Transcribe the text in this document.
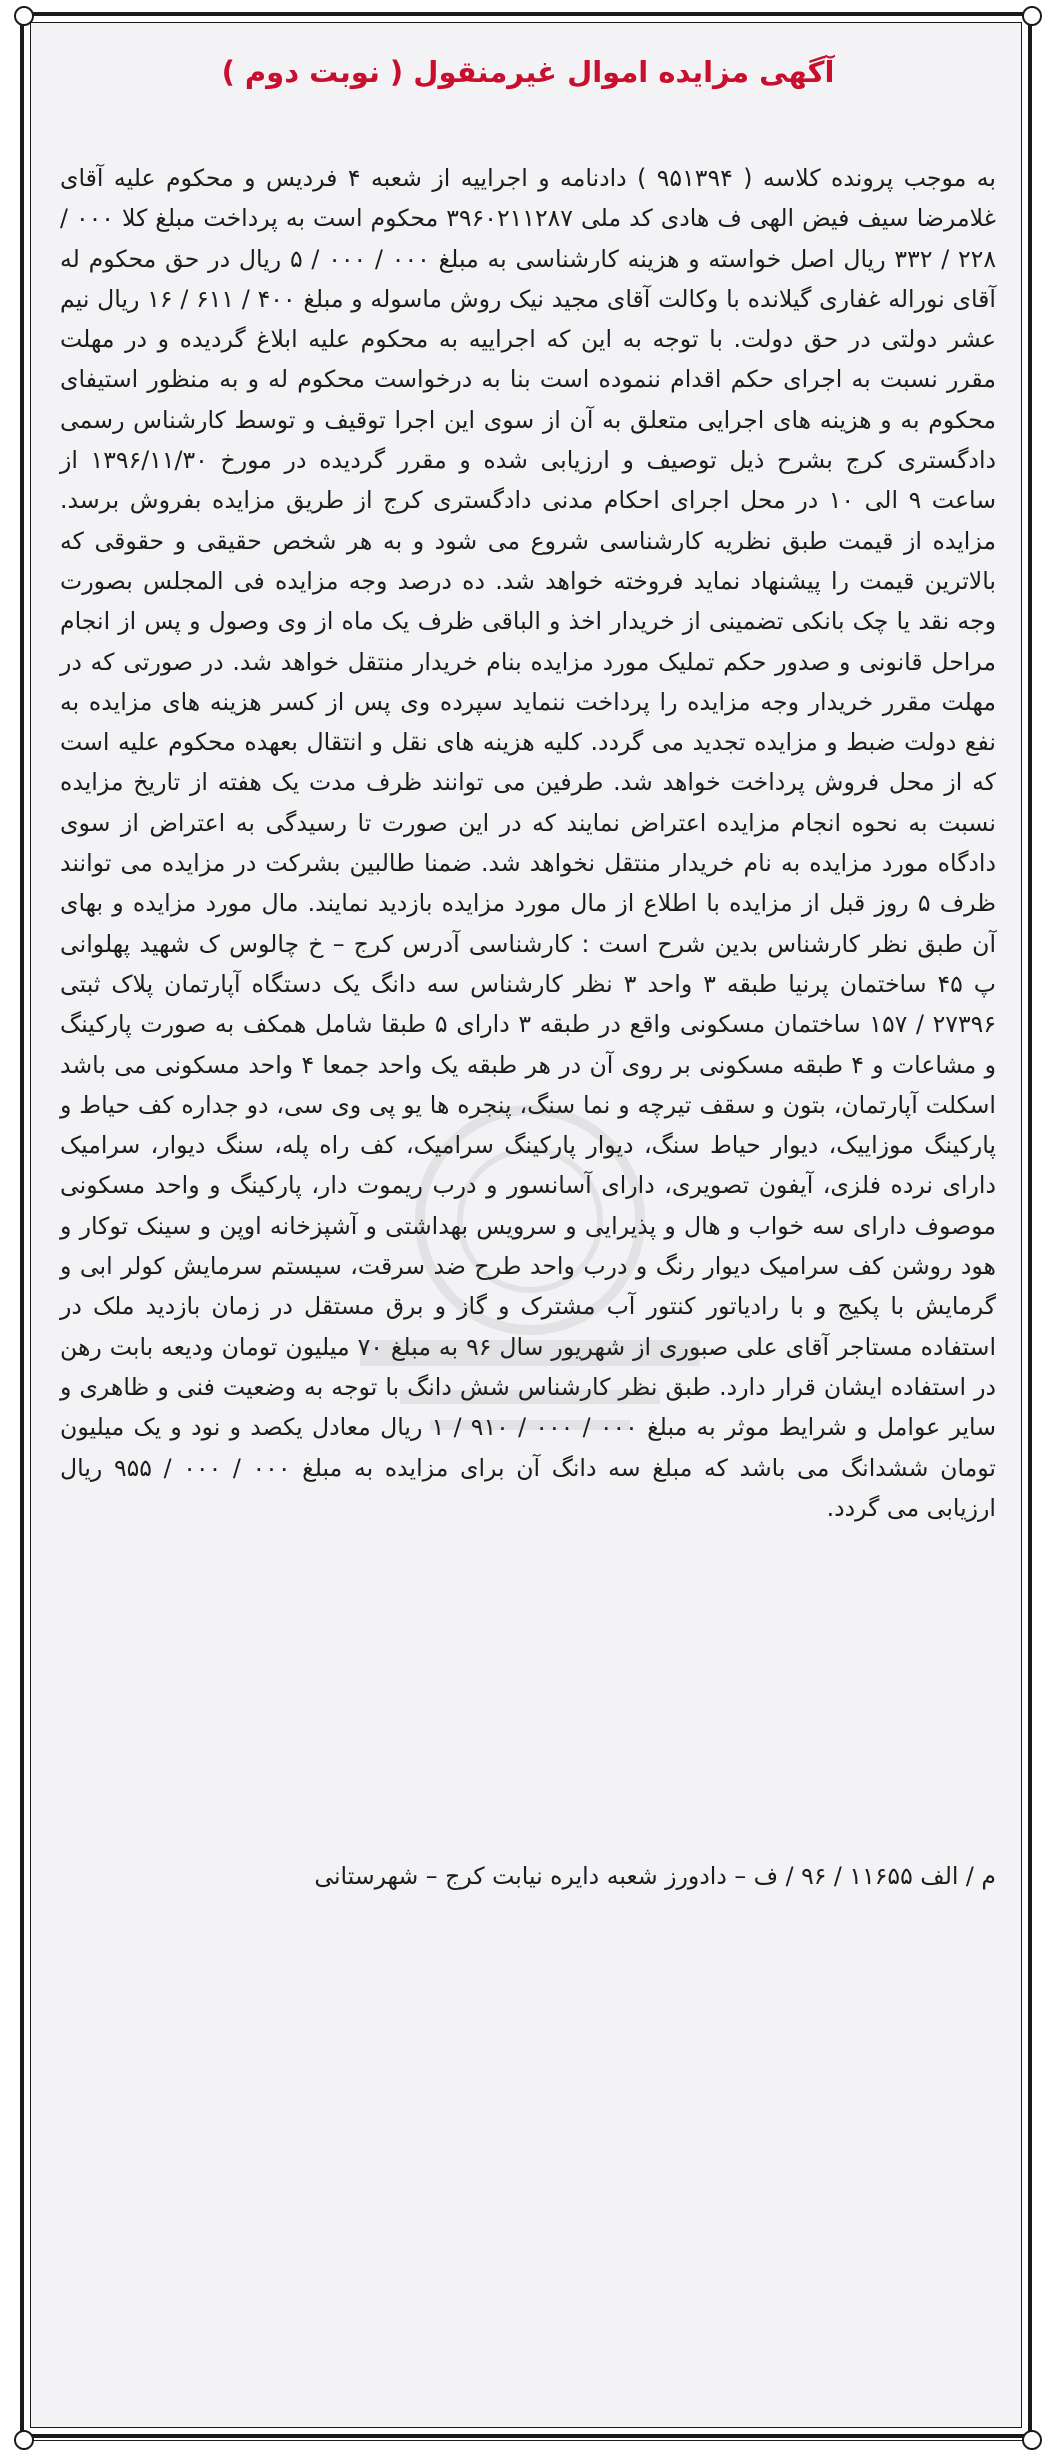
آگهی مزایده اموال غیرمنقول ( نوبت دوم )
به موجب پرونده کلاسه ( ۹۵۱۳۹۴ ) دادنامه و اجراییه از شعبه ۴ فردیس و محکوم علیه آقای غلامرضا سیف فیض الهی ف هادی کد ملی ۳۹۶۰۲۱۱۲۸۷ محکوم است به پرداخت مبلغ کلا ۰۰۰ / ۲۲۸ / ۳۳۲ ریال اصل خواسته و هزینه کارشناسی به مبلغ ۰۰۰ / ۰۰۰ / ۵ ریال در حق محکوم له آقای نوراله غفاری گیلانده با وکالت آقای مجید نیک روش ماسوله و مبلغ ۴۰۰ / ۶۱۱ / ۱۶ ریال نیم عشر دولتی در حق دولت. با توجه به این که اجراییه به محکوم علیه ابلاغ گردیده و در مهلت مقرر نسبت به اجرای حکم اقدام ننموده است بنا به درخواست محکوم له و به منظور استیفای محکوم به و هزینه های اجرایی متعلق به آن از سوی این اجرا توقیف و توسط کارشناس رسمی دادگستری کرج بشرح ذیل توصیف و ارزیابی شده و مقرر گردیده در مورخ ۱۳۹۶/۱۱/۳۰ از ساعت ۹ الی ۱۰ در محل اجرای احکام مدنی دادگستری کرج از طریق مزایده بفروش برسد. مزایده از قیمت طبق نظریه کارشناسی شروع می شود و به هر شخص حقیقی و حقوقی که بالاترین قیمت را پیشنهاد نماید فروخته خواهد شد. ده درصد وجه مزایده فی المجلس بصورت وجه نقد یا چک بانکی تضمینی از خریدار اخذ و الباقی ظرف یک ماه از وی وصول و پس از انجام مراحل قانونی و صدور حکم تملیک مورد مزایده بنام خریدار منتقل خواهد شد. در صورتی که در مهلت مقرر خریدار وجه مزایده را پرداخت ننماید سپرده وی پس از کسر هزینه های مزایده به نفع دولت ضبط و مزایده تجدید می گردد. کلیه هزینه های نقل و انتقال بعهده محکوم علیه است که از محل فروش پرداخت خواهد شد. طرفین می توانند ظرف مدت یک هفته از تاریخ مزایده نسبت به نحوه انجام مزایده اعتراض نمایند که در این صورت تا رسیدگی به اعتراض از سوی دادگاه مورد مزایده به نام خریدار منتقل نخواهد شد. ضمنا طالبین بشرکت در مزایده می توانند ظرف ۵ روز قبل از مزایده با اطلاع از مال مورد مزایده بازدید نمایند. مال مورد مزایده و بهای آن طبق نظر کارشناس بدین شرح است : کارشناسی آدرس کرج – خ چالوس ک شهید پهلوانی پ ۴۵ ساختمان پرنیا طبقه ۳ واحد ۳ نظر کارشناس سه دانگ یک دستگاه آپارتمان پلاک ثبتی ۲۷۳۹۶ / ۱۵۷ ساختمان مسکونی واقع در طبقه ۳ دارای ۵ طبقا شامل همکف به صورت پارکینگ و مشاعات و ۴ طبقه مسکونی بر روی آن در هر طبقه یک واحد جمعا ۴ واحد مسکونی می باشد اسکلت آپارتمان، بتون و سقف تیرچه و نما سنگ، پنجره ها یو پی وی سی، دو جداره کف حیاط و پارکینگ موزاییک، دیوار حیاط سنگ، دیوار پارکینگ سرامیک، کف راه پله، سنگ دیوار، سرامیک دارای نرده فلزی، آیفون تصویری، دارای آسانسور و درب ریموت دار، پارکینگ و واحد مسکونی موصوف دارای سه خواب و هال و پذیرایی و سرویس بهداشتی و آشپزخانه اوپن و سینک توکار و هود روشن کف سرامیک دیوار رنگ و درب واحد طرح ضد سرقت، سیستم سرمایش کولر ابی و گرمایش با پکیج و با رادیاتور کنتور آب مشترک و گاز و برق مستقل در زمان بازدید ملک در استفاده مستاجر آقای علی صبوری از شهریور سال ۹۶ به مبلغ ۷۰ میلیون تومان ودیعه بابت رهن در استفاده ایشان قرار دارد. طبق نظر کارشناس شش دانگ با توجه به وضعیت فنی و ظاهری و سایر عوامل و شرایط موثر به مبلغ ۰۰۰ / ۰۰۰ / ۹۱۰ / ۱ ریال معادل یکصد و نود و یک میلیون تومان ششدانگ می باشد که مبلغ سه دانگ آن برای مزایده به مبلغ ۰۰۰ / ۰۰۰ / ۹۵۵ ریال ارزیابی می گردد.
م / الف ۱۱۶۵۵ / ۹۶ / ف – دادورز شعبه دایره نیابت کرج – شهرستانی
